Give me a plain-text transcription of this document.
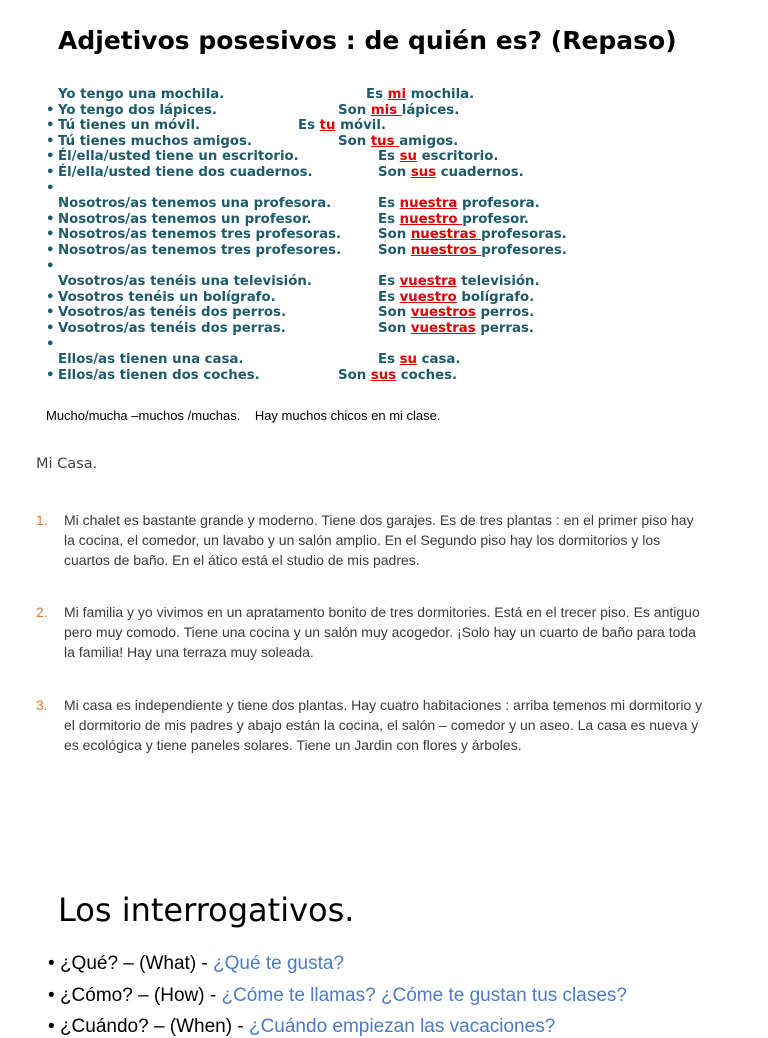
Adjetivos posesivos : de quién es? (Repaso)
Yo tengo una mochila.	Es mi mochila.
• Yo tengo dos lápices.	Son mis lápices.
• Tú tienes un móvil.	Es tu móvil.
• Tú tienes muchos amigos.	Son tus amigos.
• Él/ella/usted tiene un escritorio.	Es su escritorio.
• Él/ella/usted tiene dos cuadernos.	Son sus cuadernos.
•
Nosotros/as tenemos una profesora.	Es nuestra profesora.
• Nosotros/as tenemos un profesor.	Es nuestro profesor.
• Nosotros/as tenemos tres profesoras.	Son nuestras profesoras.
• Nosotros/as tenemos tres profesores.	Son nuestros profesores.
•
Vosotros/as tenéis una televisión.	Es vuestra televisión.
• Vosotros tenéis un bolígrafo.	Es vuestro bolígrafo.
• Vosotros/as tenéis dos perros.	Son vuestros perros.
• Vosotros/as tenéis dos perras.	Son vuestras perras.
•
Ellos/as tienen una casa.	Es su casa.
• Ellos/as tienen dos coches.	Son sus coches.
Mucho/mucha –muchos /muchas.    Hay muchos chicos en mi clase.
Mi Casa.
1. Mi chalet es bastante grande y moderno. Tiene dos garajes. Es de tres plantas : en el primer piso hay la cocina, el comedor, un lavabo y un salón amplio. En el Segundo piso hay los dormitorios y los cuartos de baño. En el ático está el studio de mis padres.
2. Mi familia y yo vivimos en un apratamento bonito de tres dormitories. Está en el trecer piso. Es antiguo pero muy comodo. Tiene una cocina y un salón muy acogedor. ¡Solo hay un cuarto de baño para toda la familia! Hay una terraza muy soleada.
3. Mi casa es independiente y tiene dos plantas. Hay cuatro habitaciones : arriba temenos mi dormitorio y el dormitorio de mis padres y abajo están la cocina, el salón – comedor y un aseo. La casa es nueva y es ecológica y tiene paneles solares. Tiene un Jardin con flores y árboles.
Los interrogativos.
• ¿Qué? – (What) - ¿Qué te gusta?
• ¿Cómo? – (How) - ¿Cóme te llamas? ¿Cóme te gustan tus clases?
• ¿Cuándo? – (When) - ¿Cuándo empiezan las vacaciones?
